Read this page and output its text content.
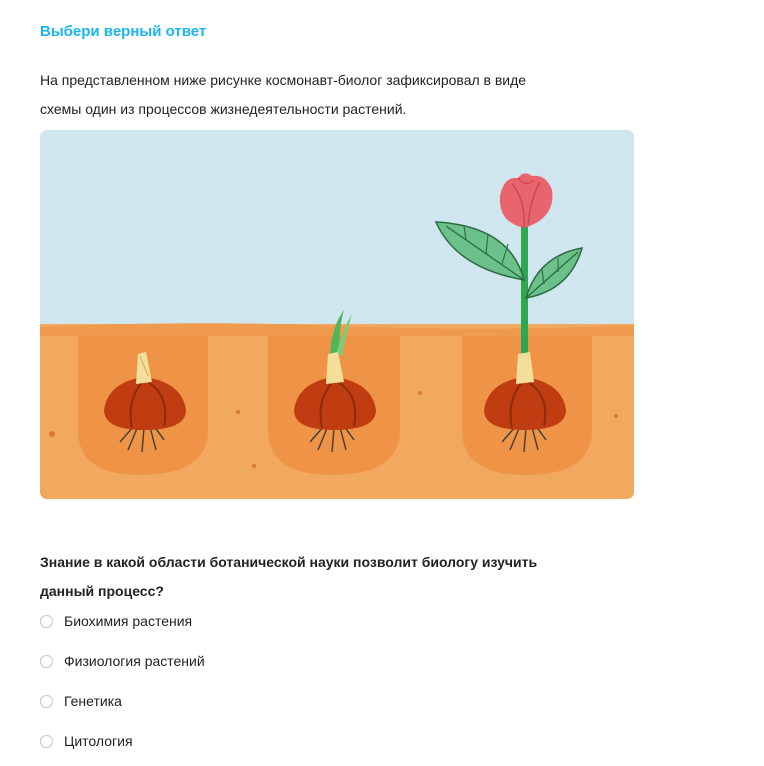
Выбери верный ответ

На представленном ниже рисунке космонавт-биолог зафиксировал в виде
схемы один из процессов жизнедеятельности растений.

Знание в какой области ботанической науки позволит биологу изучить
данный процесс?

Биохимия растения
Физиология растений
Генетика
Цитология
